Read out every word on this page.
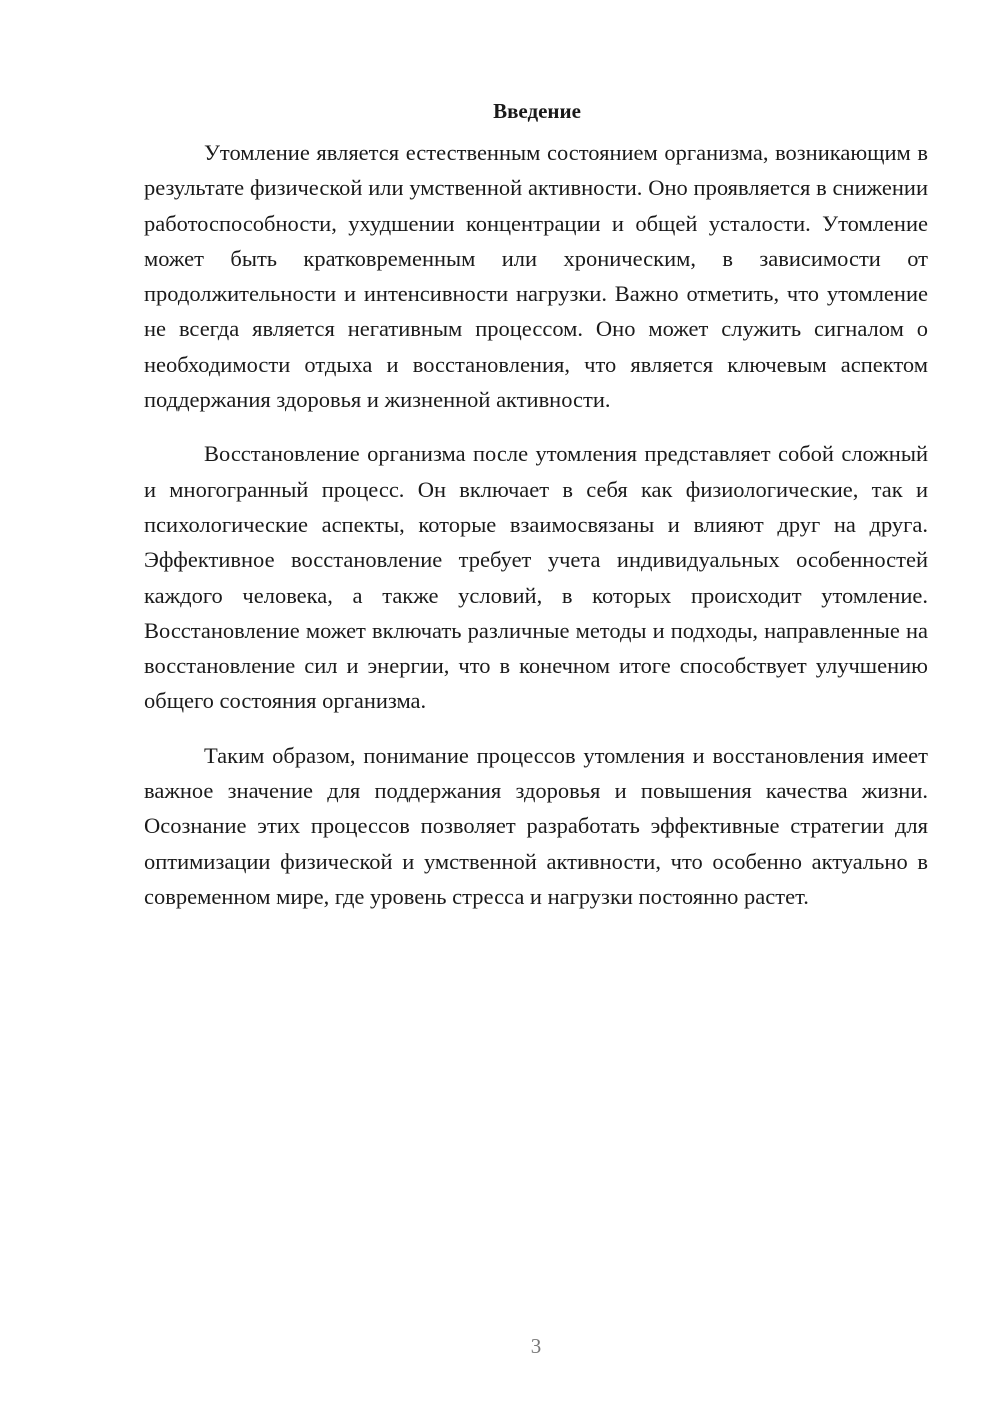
Введение

Утомление является естественным состоянием организма, возникающим в результате физической или умственной активности. Оно проявляется в снижении работоспособности, ухудшении концентрации и общей усталости. Утомление может быть кратковременным или хроническим, в зависимости от продолжительности и интенсивности нагрузки. Важно отметить, что утомление не всегда является негативным процессом. Оно может служить сигналом о необходимости отдыха и восстановления, что является ключевым аспектом поддержания здоровья и жизненной активности.

Восстановление организма после утомления представляет собой сложный и многогранный процесс. Он включает в себя как физиологические, так и психологические аспекты, которые взаимосвязаны и влияют друг на друга. Эффективное восстановление требует учета индивидуальных особенностей каждого человека, а также условий, в которых происходит утомление. Восстановление может включать различные методы и подходы, направленные на восстановление сил и энергии, что в конечном итоге способствует улучшению общего состояния организма.

Таким образом, понимание процессов утомления и восстановления имеет важное значение для поддержания здоровья и повышения качества жизни. Осознание этих процессов позволяет разработать эффективные стратегии для оптимизации физической и умственной активности, что особенно актуально в современном мире, где уровень стресса и нагрузки постоянно растет.

3
